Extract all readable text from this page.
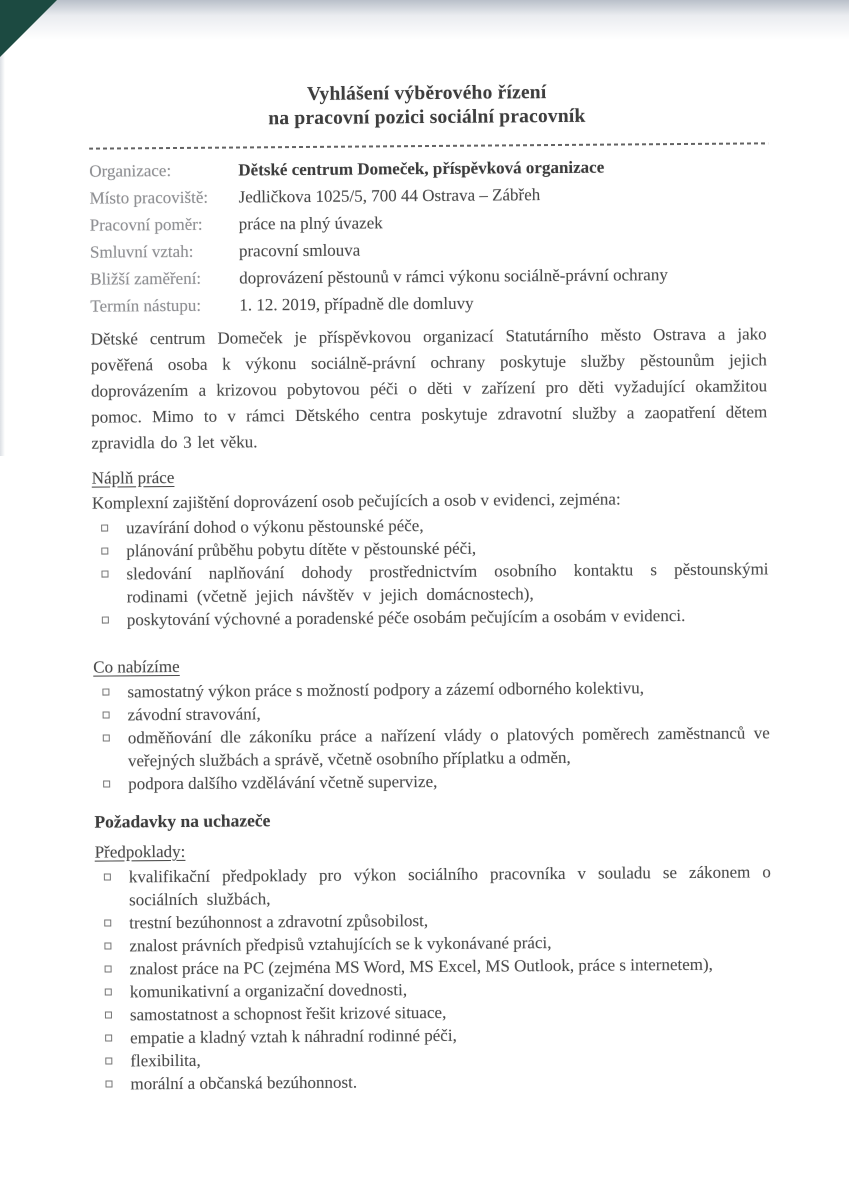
Vyhlášení výběrového řízení
na pracovní pozici sociální pracovník
Organizace:	Dětské centrum Domeček, příspěvková organizace
Místo pracoviště:	Jedličkova 1025/5, 700 44 Ostrava – Zábřeh
Pracovní poměr:	práce na plný úvazek
Smluvní vztah:	pracovní smlouva
Bližší zaměření:	doprovázení pěstounů v rámci výkonu sociálně-právní ochrany
Termín nástupu:	1. 12. 2019, případně dle domluvy

Dětské centrum Domeček je příspěvkovou organizací Statutárního město Ostrava a jako pověřená osoba k výkonu sociálně-právní ochrany poskytuje služby pěstounům jejich doprovázením a krizovou pobytovou péči o děti v zařízení pro děti vyžadující okamžitou pomoc. Mimo to v rámci Dětského centra poskytuje zdravotní služby a zaopatření dětem zpravidla do 3 let věku.

Náplň práce

Komplexní zajištění doprovázení osob pečujících a osob v evidenci, zejména:

uzavírání dohod o výkonu pěstounské péče,
plánování průběhu pobytu dítěte v pěstounské péči,
sledování naplňování dohody prostřednictvím osobního kontaktu s pěstounskými rodinami (včetně jejich návštěv v jejich domácnostech),
poskytování výchovné a poradenské péče osobám pečujícím a osobám v evidenci.
Co nabízíme
samostatný výkon práce s možností podpory a zázemí odborného kolektivu,
závodní stravování,
odměňování dle zákoníku práce a nařízení vlády o platových poměrech zaměstnanců ve veřejných službách a správě, včetně osobního příplatku a odměn,
podpora dalšího vzdělávání včetně supervize,
Požadavky na uchazeče
Předpoklady:
kvalifikační předpoklady pro výkon sociálního pracovníka v souladu se zákonem o sociálních službách,
trestní bezúhonnost a zdravotní způsobilost,
znalost právních předpisů vztahujících se k vykonávané práci,
znalost práce na PC (zejména MS Word, MS Excel, MS Outlook, práce s internetem),
komunikativní a organizační dovednosti,
samostatnost a schopnost řešit krizové situace,
empatie a kladný vztah k náhradní rodinné péči,
flexibilita,
morální a občanská bezúhonnost.
